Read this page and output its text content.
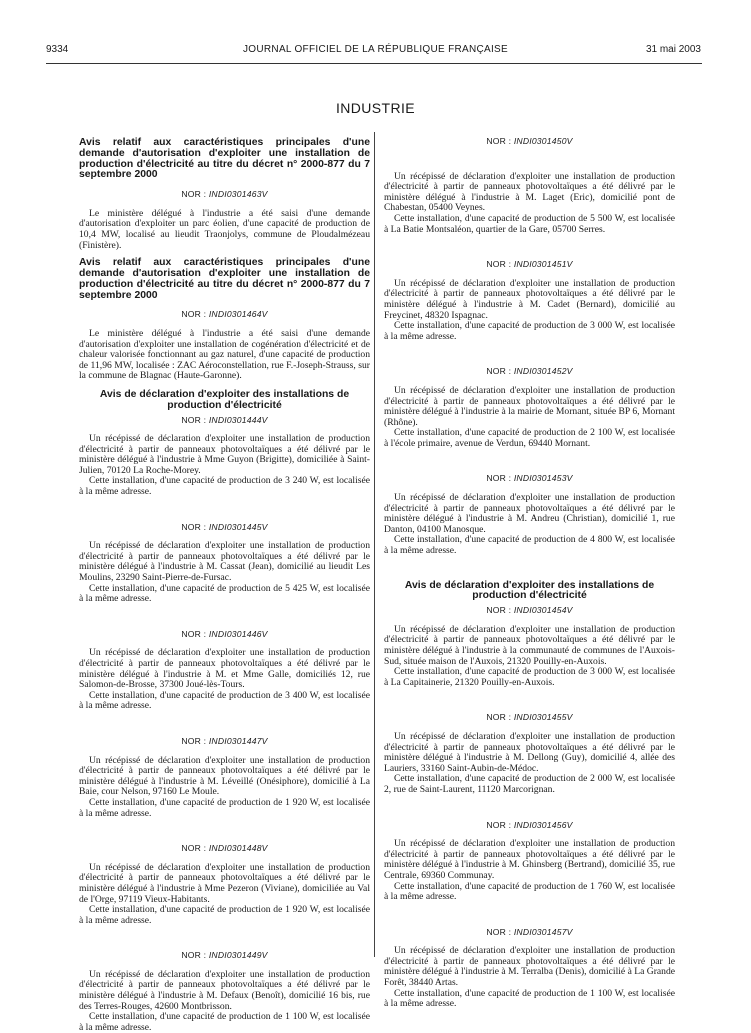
9334	JOURNAL OFFICIEL DE LA RÉPUBLIQUE FRANÇAISE	31 mai 2003
INDUSTRIE

Avis relatif aux caractéristiques principales d'une demande d'autorisation d'exploiter une installation de production d'électricité au titre du décret n° 2000-877 du 7 septembre 2000

NOR : INDI0301463V

Le ministère délégué à l'industrie a été saisi d'une demande d'autorisation d'exploiter un parc éolien, d'une capacité de production de 10,4 MW, localisé au lieudit Traonjolys, commune de Ploudalmézeau (Finistère).

Avis relatif aux caractéristiques principales d'une demande d'autorisation d'exploiter une installation de production d'électricité au titre du décret n° 2000-877 du 7 septembre 2000

NOR : INDI0301464V

Le ministère délégué à l'industrie a été saisi d'une demande d'autorisation d'exploiter une installation de cogénération d'électricité et de chaleur valorisée fonctionnant au gaz naturel, d'une capacité de production de 11,96 MW, localisée : ZAC Aéroconstellation, rue F.-Joseph-Strauss, sur la commune de Blagnac (Haute-Garonne).

Avis de déclaration d'exploiter des installations de production d'électricité

NOR : INDI0301444V

Un récépissé de déclaration d'exploiter une installation de production d'électricité à partir de panneaux photovoltaïques a été délivré par le ministère délégué à l'industrie à Mme Guyon (Brigitte), domiciliée à Saint-Julien, 70120 La Roche-Morey.

Cette installation, d'une capacité de production de 3 240 W, est localisée à la même adresse.

NOR : INDI0301445V

Un récépissé de déclaration d'exploiter une installation de production d'électricité à partir de panneaux photovoltaïques a été délivré par le ministère délégué à l'industrie à M. Cassat (Jean), domicilié au lieudit Les Moulins, 23290 Saint-Pierre-de-Fursac.

Cette installation, d'une capacité de production de 5 425 W, est localisée à la même adresse.

NOR : INDI0301446V

Un récépissé de déclaration d'exploiter une installation de production d'électricité à partir de panneaux photovoltaïques a été délivré par le ministère délégué à l'industrie à M. et Mme Galle, domiciliés 12, rue Salomon-de-Brosse, 37300 Joué-lès-Tours.

Cette installation, d'une capacité de production de 3 400 W, est localisée à la même adresse.

NOR : INDI0301447V

Un récépissé de déclaration d'exploiter une installation de production d'électricité à partir de panneaux photovoltaïques a été délivré par le ministère délégué à l'industrie à M. Léveillé (Onésiphore), domicilié à La Baie, cour Nelson, 97160 Le Moule.

Cette installation, d'une capacité de production de 1 920 W, est localisée à la même adresse.

NOR : INDI0301448V

Un récépissé de déclaration d'exploiter une installation de production d'électricité à partir de panneaux photovoltaïques a été délivré par le ministère délégué à l'industrie à Mme Pezeron (Viviane), domiciliée au Val de l'Orge, 97119 Vieux-Habitants.

Cette installation, d'une capacité de production de 1 920 W, est localisée à la même adresse.

NOR : INDI0301449V

Un récépissé de déclaration d'exploiter une installation de production d'électricité à partir de panneaux photovoltaïques a été délivré par le ministère délégué à l'industrie à M. Defaux (Benoît), domicilié 16 bis, rue des Terres-Rouges, 42600 Montbrisson.

Cette installation, d'une capacité de production de 1 100 W, est localisée à la même adresse.

NOR : INDI0301450V

Un récépissé de déclaration d'exploiter une installation de production d'électricité à partir de panneaux photovoltaïques a été délivré par le ministère délégué à l'industrie à M. Laget (Eric), domicilié pont de Chabestan, 05400 Veynes.

Cette installation, d'une capacité de production de 5 500 W, est localisée à La Batie Montsaléon, quartier de la Gare, 05700 Serres.

NOR : INDI0301451V

Un récépissé de déclaration d'exploiter une installation de production d'électricité à partir de panneaux photovoltaïques a été délivré par le ministère délégué à l'industrie à M. Cadet (Bernard), domicilié au Freycinet, 48320 Ispagnac.

Cette installation, d'une capacité de production de 3 000 W, est localisée à la même adresse.

NOR : INDI0301452V

Un récépissé de déclaration d'exploiter une installation de production d'électricité à partir de panneaux photovoltaïques a été délivré par le ministère délégué à l'industrie à la mairie de Mornant, située BP 6, Mornant (Rhône).

Cette installation, d'une capacité de production de 2 100 W, est localisée à l'école primaire, avenue de Verdun, 69440 Mornant.

NOR : INDI0301453V

Un récépissé de déclaration d'exploiter une installation de production d'électricité à partir de panneaux photovoltaïques a été délivré par le ministère délégué à l'industrie à M. Andreu (Christian), domicilié 1, rue Danton, 04100 Manosque.

Cette installation, d'une capacité de production de 4 800 W, est localisée à la même adresse.

Avis de déclaration d'exploiter des installations de production d'électricité

NOR : INDI0301454V

Un récépissé de déclaration d'exploiter une installation de production d'électricité à partir de panneaux photovoltaïques a été délivré par le ministère délégué à l'industrie à la communauté de communes de l'Auxois-Sud, située maison de l'Auxois, 21320 Pouilly-en-Auxois.

Cette installation, d'une capacité de production de 3 000 W, est localisée à La Capitainerie, 21320 Pouilly-en-Auxois.

NOR : INDI0301455V

Un récépissé de déclaration d'exploiter une installation de production d'électricité à partir de panneaux photovoltaïques a été délivré par le ministère délégué à l'industrie à M. Dellong (Guy), domicilié 4, allée des Lauriers, 33160 Saint-Aubin-de-Médoc.

Cette installation, d'une capacité de production de 2 000 W, est localisée 2, rue de Saint-Laurent, 11120 Marcorignan.

NOR : INDI0301456V

Un récépissé de déclaration d'exploiter une installation de production d'électricité à partir de panneaux photovoltaïques a été délivré par le ministère délégué à l'industrie à M. Ghinsberg (Bertrand), domicilié 35, rue Centrale, 69360 Communay.

Cette installation, d'une capacité de production de 1 760 W, est localisée à la même adresse.

NOR : INDI0301457V

Un récépissé de déclaration d'exploiter une installation de production d'électricité à partir de panneaux photovoltaïques a été délivré par le ministère délégué à l'industrie à M. Terralba (Denis), domicilié à La Grande Forêt, 38440 Artas.

Cette installation, d'une capacité de production de 1 100 W, est localisée à la même adresse.
